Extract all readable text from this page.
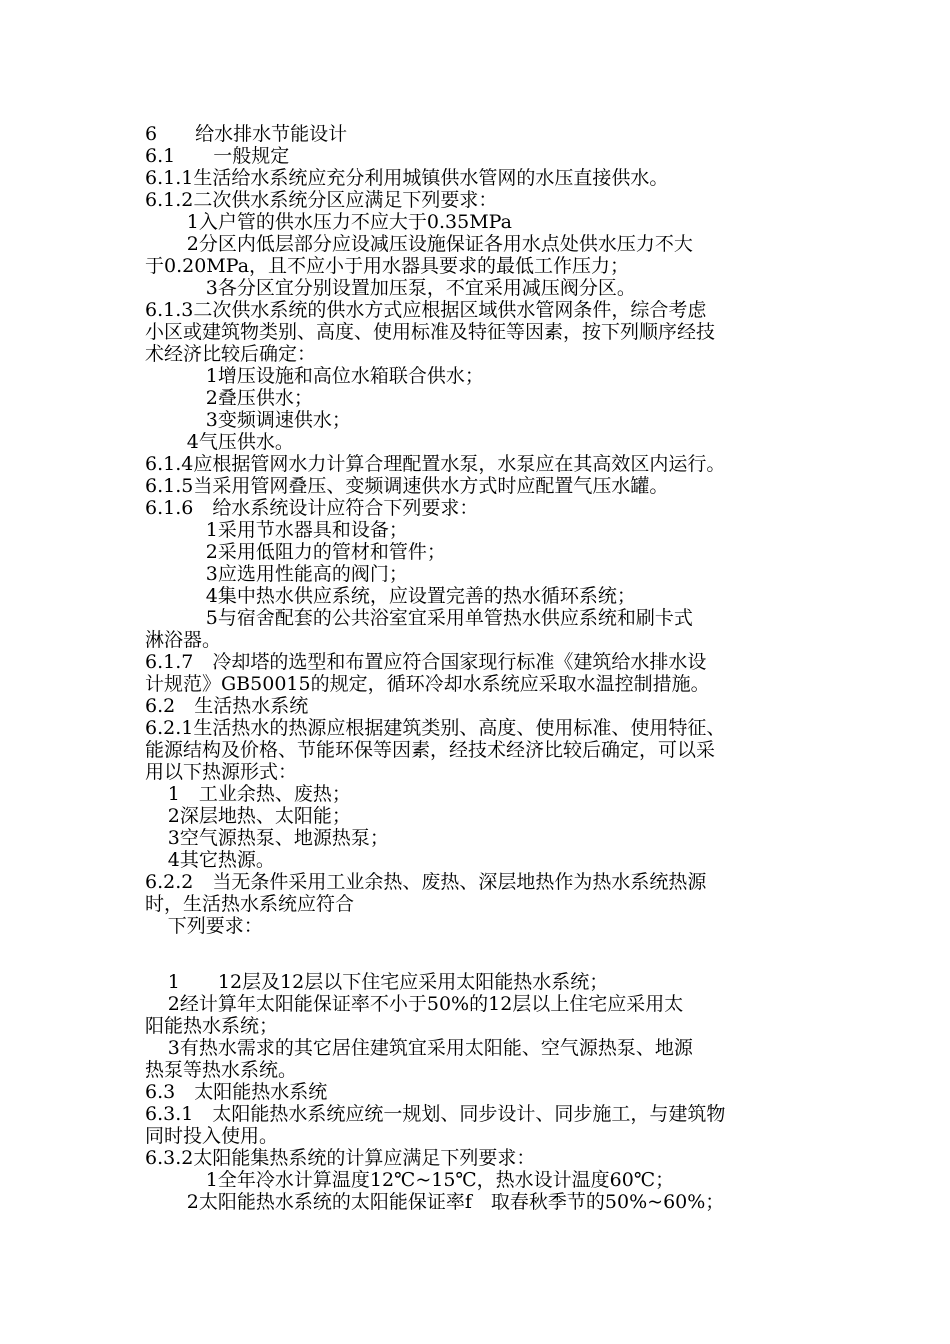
6　　给水排水节能设计
6.1　　一般规定
6.1.1生活给水系统应充分利用城镇供水管网的水压直接供水。
6.1.2二次供水系统分区应满足下列要求：
　　 1入户管的供水压力不应大于0.35MPa
　　 2分区内低层部分应设减压设施保证各用水点处供水压力不大
于0.20MPa，且不应小于用水器具要求的最低工作压力；
　　　 3各分区宜分别设置加压泵，不宜采用减压阀分区。
6.1.3二次供水系统的供水方式应根据区域供水管网条件，综合考虑
小区或建筑物类别、高度、使用标准及特征等因素，按下列顺序经技
术经济比较后确定：
　　　 1增压设施和高位水箱联合供水；
　　　 2叠压供水；
　　　 3变频调速供水；
　　 4气压供水。
6.1.4应根据管网水力计算合理配置水泵，水泵应在其高效区内运行。
6.1.5当采用管网叠压、变频调速供水方式时应配置气压水罐。
6.1.6　给水系统设计应符合下列要求：
　　　 1采用节水器具和设备；
　　　 2采用低阻力的管材和管件；
　　　 3应选用性能高的阀门；
　　　 4集中热水供应系统，应设置完善的热水循环系统；
　　　 5与宿舍配套的公共浴室宜采用单管热水供应系统和刷卡式
淋浴器。
6.1.7　冷却塔的选型和布置应符合国家现行标准《建筑给水排水设
计规范》GB50015的规定，循环冷却水系统应采取水温控制措施。
6.2　生活热水系统
6.2.1生活热水的热源应根据建筑类别、高度、使用标准、使用特征、
能源结构及价格、节能环保等因素，经技术经济比较后确定，可以采
用以下热源形式：
　 1　工业余热、废热；
　 2深层地热、太阳能；
　 3空气源热泵、地源热泵；
　 4其它热源。
6.2.2　当无条件采用工业余热、废热、深层地热作为热水系统热源
时，生活热水系统应符合
　 下列要求：
　 1　　12层及12层以下住宅应采用太阳能热水系统；
　 2经计算年太阳能保证率不小于50%的12层以上住宅应采用太
阳能热水系统；
　 3有热水需求的其它居住建筑宜采用太阳能、空气源热泵、地源
热泵等热水系统。
6.3　太阳能热水系统
6.3.1　太阳能热水系统应统一规划、同步设计、同步施工，与建筑物
同时投入使用。
6.3.2太阳能集热系统的计算应满足下列要求：
　　　 1全年冷水计算温度12℃~15℃，热水设计温度60℃；
　　 2太阳能热水系统的太阳能保证率f　取春秋季节的50%~60%；
